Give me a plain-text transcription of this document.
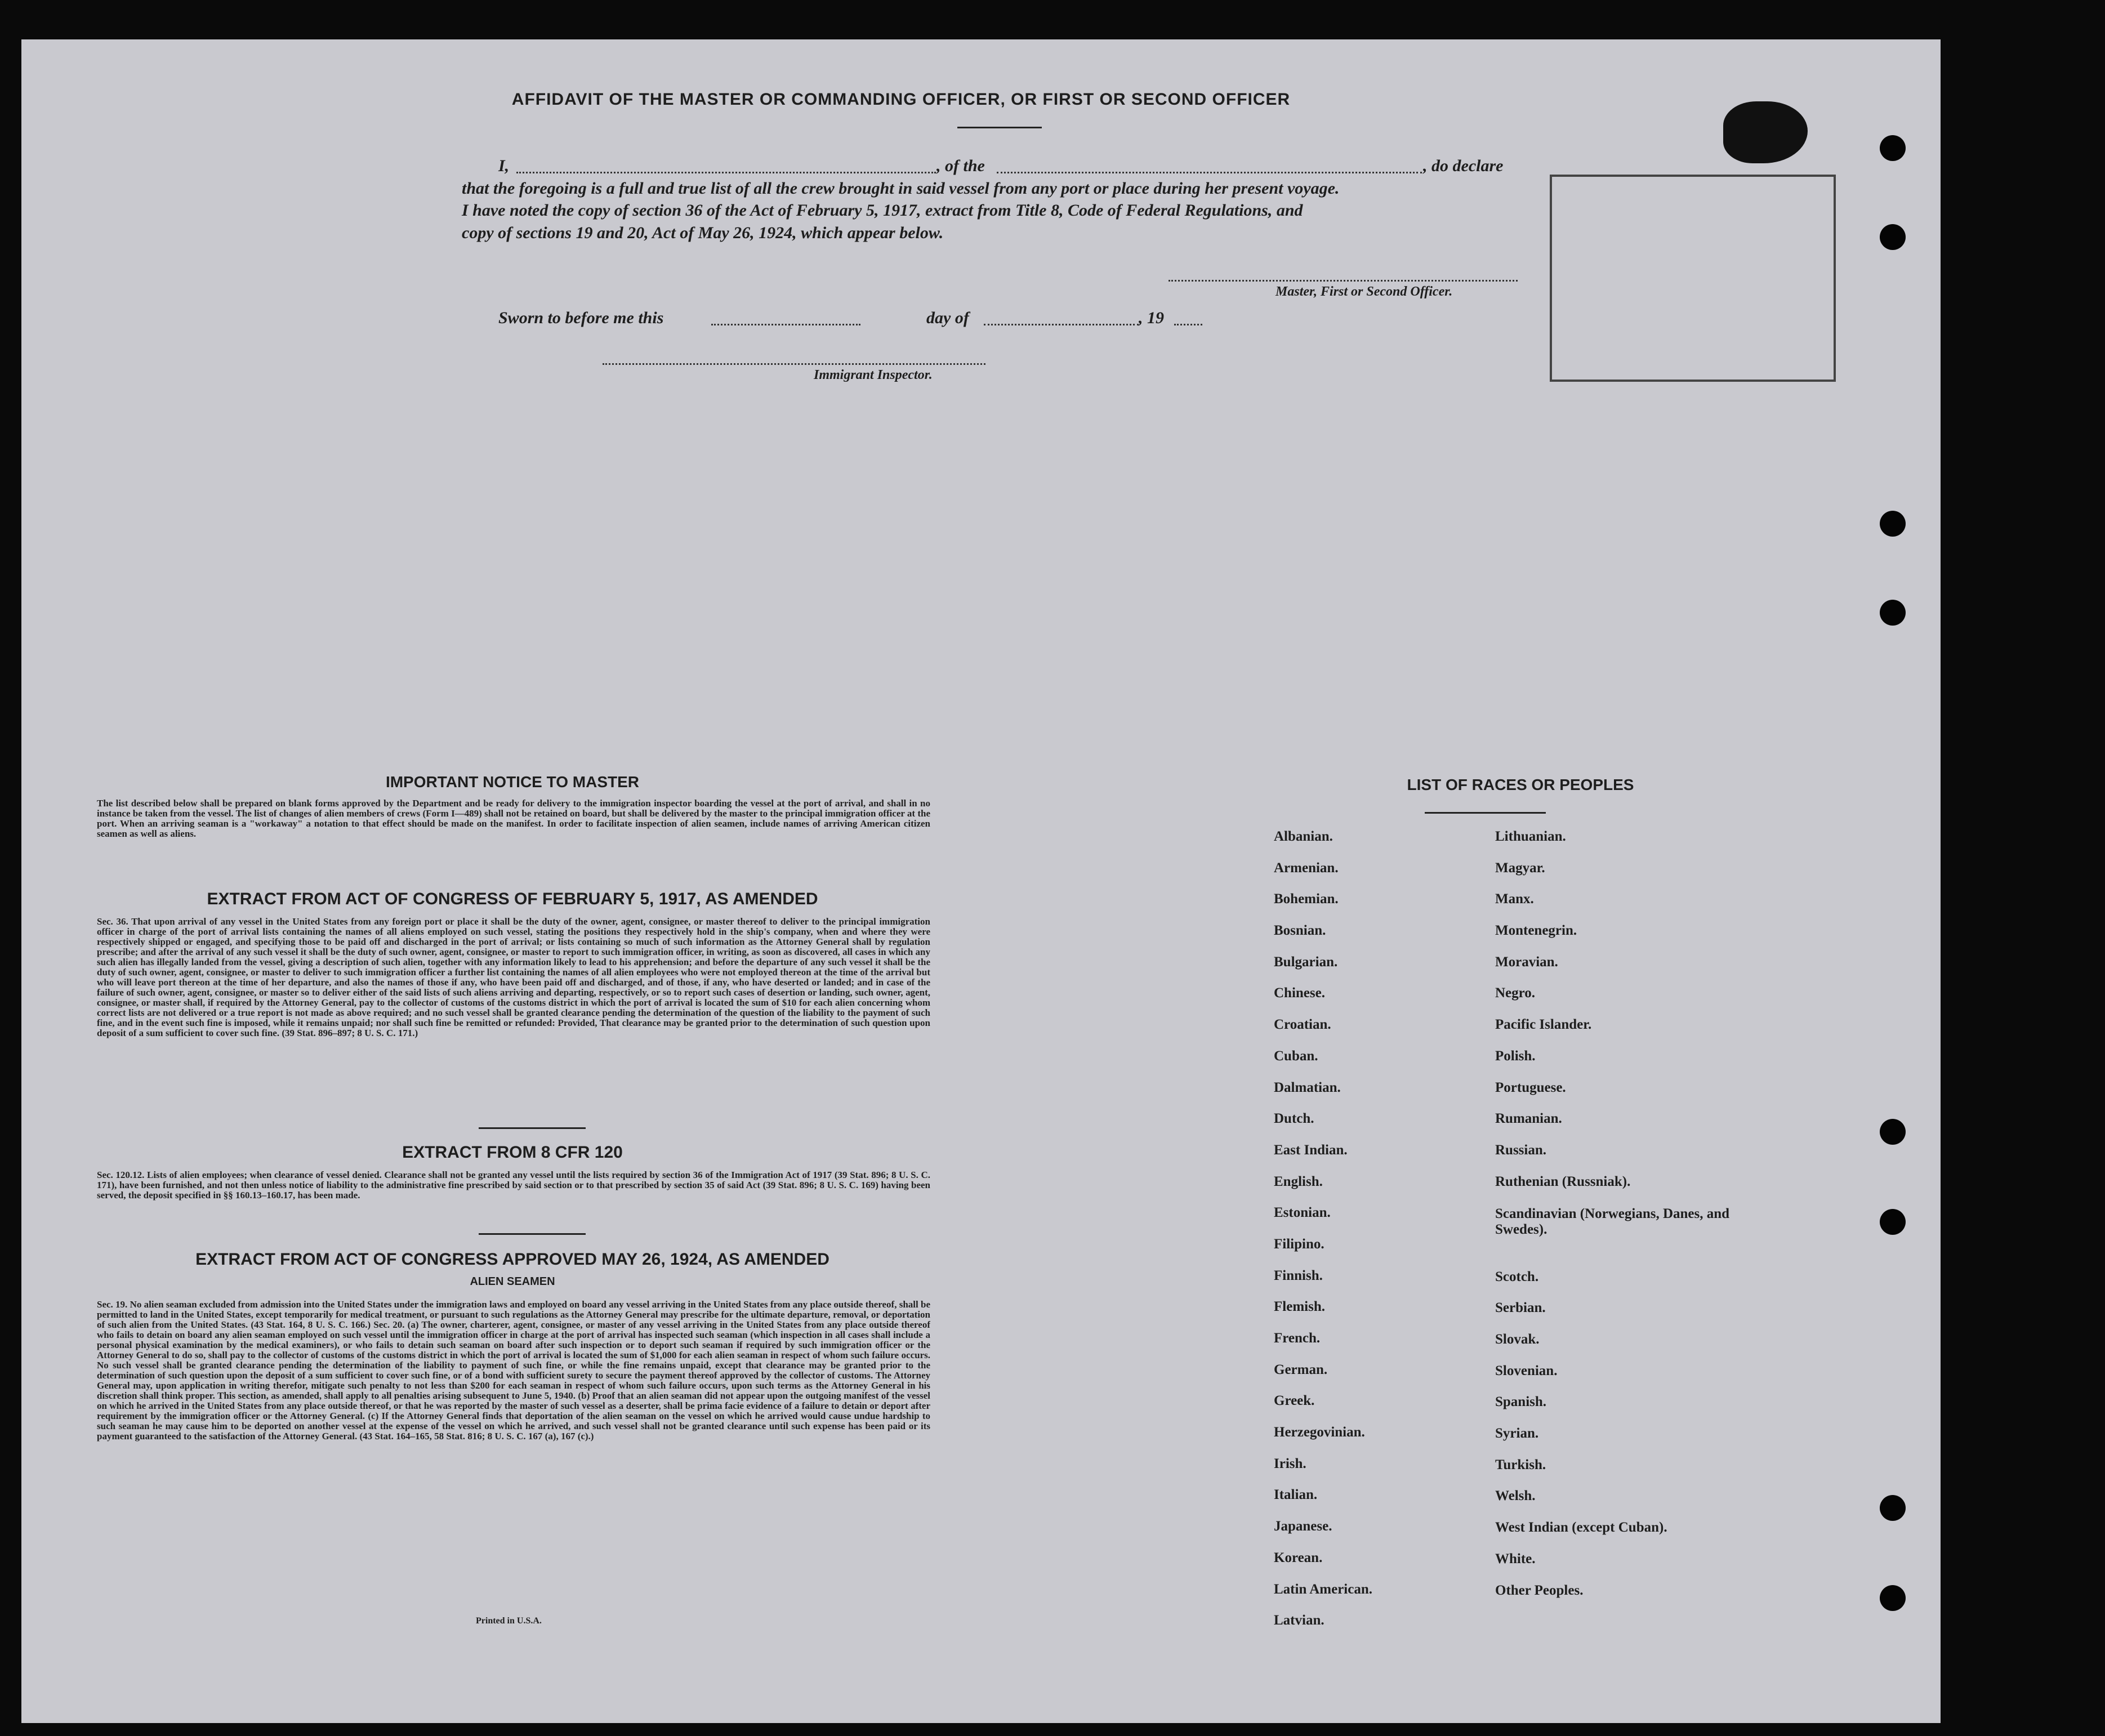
AFFIDAVIT OF THE MASTER OR COMMANDING OFFICER, OR FIRST OR SECOND OFFICER
I,	, of the	, do declare
that the foregoing is a full and true list of all the crew brought in said vessel from any port or place during her present voyage.
I have noted the copy of section 36 of the Act of February 5, 1917, extract from Title 8, Code of Federal Regulations, and
copy of sections 19 and 20, Act of May 26, 1924, which appear below.
Master, First or Second Officer.
Sworn to before me this	day of	, 19
Immigrant Inspector.
IMPORTANT NOTICE TO MASTER
The list described below shall be prepared on blank forms approved by the Department and be ready for delivery to the immigration inspector boarding the vessel at the port of arrival, and shall in no instance be taken from the vessel. The list of changes of alien members of crews (Form I—489) shall not be retained on board, but shall be delivered by the master to the principal immigration officer at the port. When an arriving seaman is a "workaway" a notation to that effect should be made on the manifest. In order to facilitate inspection of alien seamen, include names of arriving American citizen seamen as well as aliens.
EXTRACT FROM ACT OF CONGRESS OF FEBRUARY 5, 1917, AS AMENDED
Sec. 36. That upon arrival of any vessel in the United States from any foreign port or place it shall be the duty of the owner, agent, consignee, or master thereof to deliver to the principal immigration officer in charge of the port of arrival lists containing the names of all aliens employed on such vessel, stating the positions they respectively hold in the ship's company, when and where they were respectively shipped or engaged, and specifying those to be paid off and discharged in the port of arrival; or lists containing so much of such information as the Attorney General shall by regulation prescribe; and after the arrival of any such vessel it shall be the duty of such owner, agent, consignee, or master to report to such immigration officer, in writing, as soon as discovered, all cases in which any such alien has illegally landed from the vessel, giving a description of such alien, together with any information likely to lead to his apprehension; and before the departure of any such vessel it shall be the duty of such owner, agent, consignee, or master to deliver to such immigration officer a further list containing the names of all alien employees who were not employed thereon at the time of the arrival but who will leave port thereon at the time of her departure, and also the names of those if any, who have been paid off and discharged, and of those, if any, who have deserted or landed; and in case of the failure of such owner, agent, consignee, or master so to deliver either of the said lists of such aliens arriving and departing, respectively, or so to report such cases of desertion or landing, such owner, agent, consignee, or master shall, if required by the Attorney General, pay to the collector of customs of the customs district in which the port of arrival is located the sum of $10 for each alien concerning whom correct lists are not delivered or a true report is not made as above required; and no such vessel shall be granted clearance pending the determination of the question of the liability to the payment of such fine, and in the event such fine is imposed, while it remains unpaid; nor shall such fine be remitted or refunded: Provided, That clearance may be granted prior to the determination of such question upon deposit of a sum sufficient to cover such fine. (39 Stat. 896–897; 8 U. S. C. 171.)
EXTRACT FROM 8 CFR 120
Sec. 120.12. Lists of alien employees; when clearance of vessel denied. Clearance shall not be granted any vessel until the lists required by section 36 of the Immigration Act of 1917 (39 Stat. 896; 8 U. S. C. 171), have been furnished, and not then unless notice of liability to the administrative fine prescribed by said section or to that prescribed by section 35 of said Act (39 Stat. 896; 8 U. S. C. 169) having been served, the deposit specified in §§ 160.13–160.17, has been made.
EXTRACT FROM ACT OF CONGRESS APPROVED MAY 26, 1924, AS AMENDED
ALIEN SEAMEN
Sec. 19. No alien seaman excluded from admission into the United States under the immigration laws and employed on board any vessel arriving in the United States from any place outside thereof, shall be permitted to land in the United States, except temporarily for medical treatment, or pursuant to such regulations as the Attorney General may prescribe for the ultimate departure, removal, or deportation of such alien from the United States. (43 Stat. 164, 8 U. S. C. 166.) Sec. 20. (a) The owner, charterer, agent, consignee, or master of any vessel arriving in the United States from any place outside thereof who fails to detain on board any alien seaman employed on such vessel until the immigration officer in charge at the port of arrival has inspected such seaman (which inspection in all cases shall include a personal physical examination by the medical examiners), or who fails to detain such seaman on board after such inspection or to deport such seaman if required by such immigration officer or the Attorney General to do so, shall pay to the collector of customs of the customs district in which the port of arrival is located the sum of $1,000 for each alien seaman in respect of whom such failure occurs. No such vessel shall be granted clearance pending the determination of the liability to payment of such fine, or while the fine remains unpaid, except that clearance may be granted prior to the determination of such question upon the deposit of a sum sufficient to cover such fine, or of a bond with sufficient surety to secure the payment thereof approved by the collector of customs. The Attorney General may, upon application in writing therefor, mitigate such penalty to not less than $200 for each seaman in respect of whom such failure occurs, upon such terms as the Attorney General in his discretion shall think proper. This section, as amended, shall apply to all penalties arising subsequent to June 5, 1940. (b) Proof that an alien seaman did not appear upon the outgoing manifest of the vessel on which he arrived in the United States from any place outside thereof, or that he was reported by the master of such vessel as a deserter, shall be prima facie evidence of a failure to detain or deport after requirement by the immigration officer or the Attorney General. (c) If the Attorney General finds that deportation of the alien seaman on the vessel on which he arrived would cause undue hardship to such seaman he may cause him to be deported on another vessel at the expense of the vessel on which he arrived, and such vessel shall not be granted clearance until such expense has been paid or its payment guaranteed to the satisfaction of the Attorney General. (43 Stat. 164–165, 58 Stat. 816; 8 U. S. C. 167 (a), 167 (c).)
Printed in U.S.A.
LIST OF RACES OR PEOPLES
Albanian.
Armenian.
Bohemian.
Bosnian.
Bulgarian.
Chinese.
Croatian.
Cuban.
Dalmatian.
Dutch.
East Indian.
English.
Estonian.
Filipino.
Finnish.
Flemish.
French.
German.
Greek.
Herzegovinian.
Irish.
Italian.
Japanese.
Korean.
Latin American.
Latvian.
Lithuanian.
Magyar.
Manx.
Montenegrin.
Moravian.
Negro.
Pacific Islander.
Polish.
Portuguese.
Rumanian.
Russian.
Ruthenian (Russniak).
Scandinavian (Norwegians, Danes, and Swedes).
Scotch.
Serbian.
Slovak.
Slovenian.
Spanish.
Syrian.
Turkish.
Welsh.
West Indian (except Cuban).
White.
Other Peoples.
